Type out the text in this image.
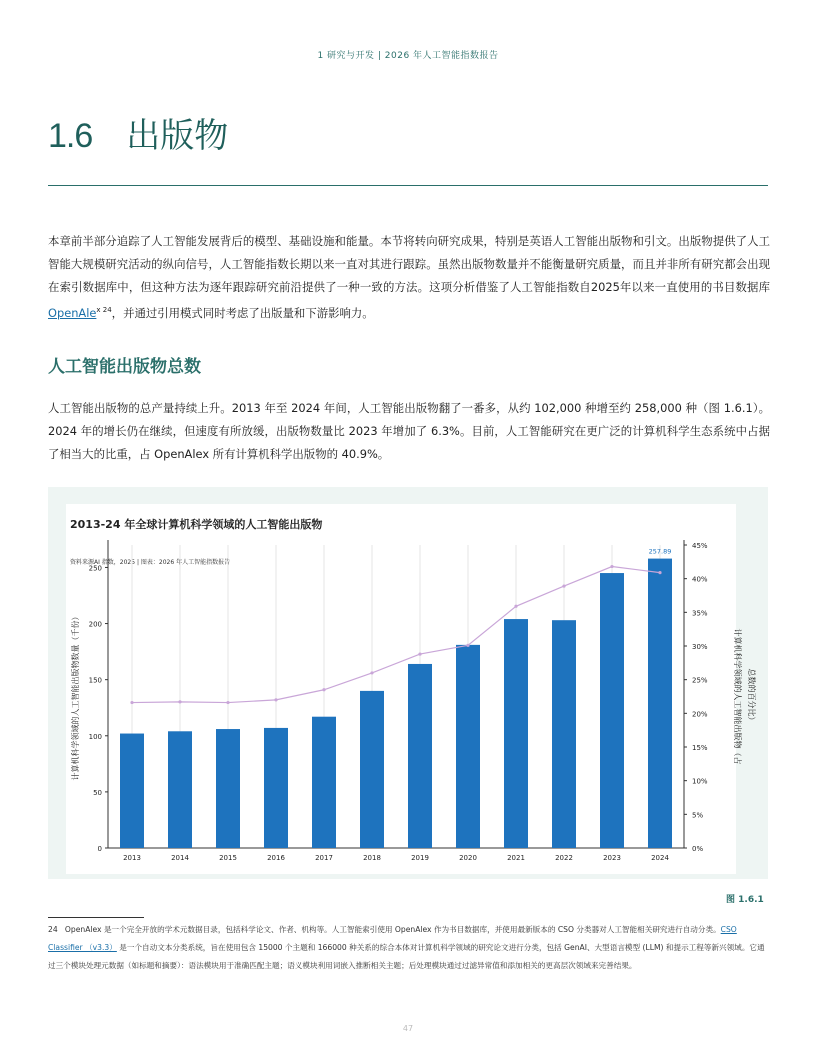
1 研究与开发 | 2026 年人工智能指数报告
1.6 出版物
本章前半部分追踪了人工智能发展背后的模型、基础设施和能量。本节将转向研究成果，特别是英语人工智能出版物和引文。出版物提供了人工智能大规模研究活动的纵向信号，人工智能指数长期以来一直对其进行跟踪。虽然出版物数量并不能衡量研究质量，而且并非所有研究都会出现在索引数据库中，但这种方法为逐年跟踪研究前沿提供了一种一致的方法。这项分析借鉴了人工智能指数自2025年以来一直使用的书目数据库OpenAle$^{x 24}$，并通过引用模式同时考虑了出版量和下游影响力。
人工智能出版物总数
人工智能出版物的总产量持续上升。2013 年至 2024 年间，人工智能出版物翻了一番多，从约 102,000 种增至约 258,000 种（图 1.6.1）。2024 年的增长仍在继续，但速度有所放缓，出版物数量比 2023 年增加了 6.3%。目前，人工智能研究在更广泛的计算机科学生态系统中占据了相当大的比重，占 OpenAlex 所有计算机科学出版物的 40.9%。
2013-24 年全球计算机科学领域的人工智能出版物
资料来源AI 指数，2025 | 图表：2026 年人工智能指数报告
0
50
100
150
200
250
0%
5%
10%
15%
20%
25%
30%
35%
40%
45%
257.89
2013	2014	2015	2016	2017	2018	2019	2020	2021	2022	2023	2024
计算机科学领域的人工智能出版物数量（千份）	计算机科学领域的人工智能出版物（占 总数的百分比）
图 1.6.1
24 OpenAlex 是一个完全开放的学术元数据目录，包括科学论文、作者、机构等。人工智能索引使用 OpenAlex 作为书目数据库，并使用最新版本的 CSO 分类器对人工智能相关研究进行自动分类。CSO Classifier （v3.3） 是一个自动文本分类系统，旨在使用包含 15000 个主题和 166000 种关系的综合本体对计算机科学领域的研究论文进行分类，包括 GenAI、大型语言模型 (LLM) 和提示工程等新兴领域。它通过三个模块处理元数据（如标题和摘要）：语法模块用于准确匹配主题；语义模块利用词嵌入推断相关主题；后处理模块通过过滤异常值和添加相关的更高层次领域来完善结果。
47
